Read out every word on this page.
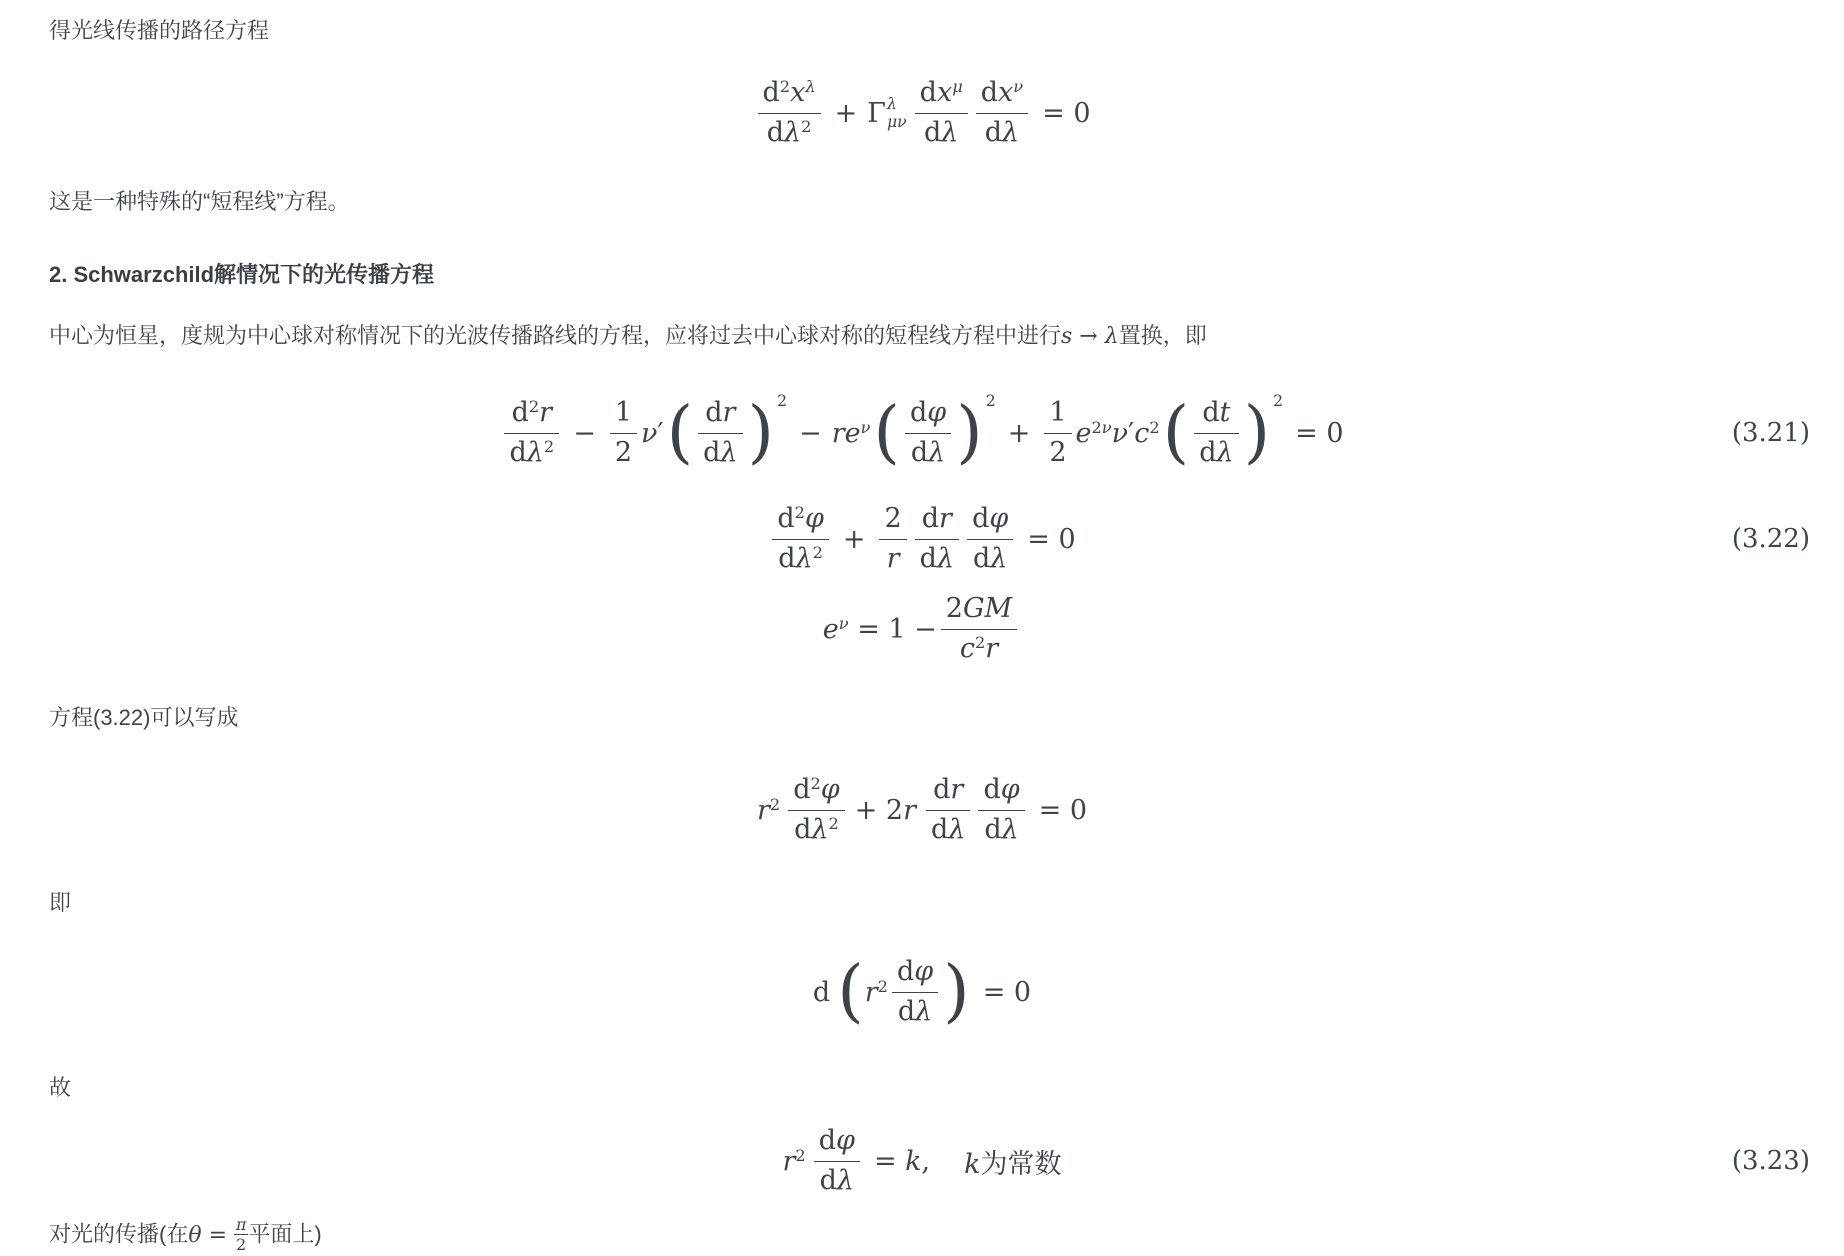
得光线传播的路径方程

$\frac{d^2x^\lambda}{d\lambda^2} + \Gamma$ λ
μν $\frac{dx^\mu}{d\lambda} \frac{dx^\nu}{d\lambda} = 0$

这是一种特殊的“短程线”方程。

2. Schwarzchild解情况下的光传播方程

中心为恒星，度规为中心球对称情况下的光波传播路线的方程，应将过去中心球对称的短程线方程中进行s → λ置换，即

$\frac{d^2r}{d\lambda^2} - \frac{1}{2} \nu'$ ( $\frac{dr}{d\lambda}$ ) 2
− $re^\nu$ ( $\frac{d\varphi}{d\lambda}$ ) 2
+ $\frac{1}{2} e^{2\nu}\nu'c^2$ ( $\frac{dt}{d\lambda}$ ) 2
= 0	(3.21)
$\frac{d^2\varphi}{d\lambda^2} + \frac{2}{r} \frac{dr}{d\lambda} \frac{d\varphi}{d\lambda} = 0$	(3.22)
$e^\nu = 1 - \frac{2GM}{c^2r}$

方程(3.22)可以写成

$r^2 \frac{d^2\varphi}{d\lambda^2} + 2r \frac{dr}{d\lambda} \frac{d\varphi}{d\lambda} = 0$

即

d ( $r^2 \frac{d\varphi}{d\lambda}$ ) = 0

故

$r^2 \frac{d\varphi}{d\lambda} = k$, k为常数	(3.23)

对光的传播(在$\theta = \frac{\pi}{2}$ 平面上)
